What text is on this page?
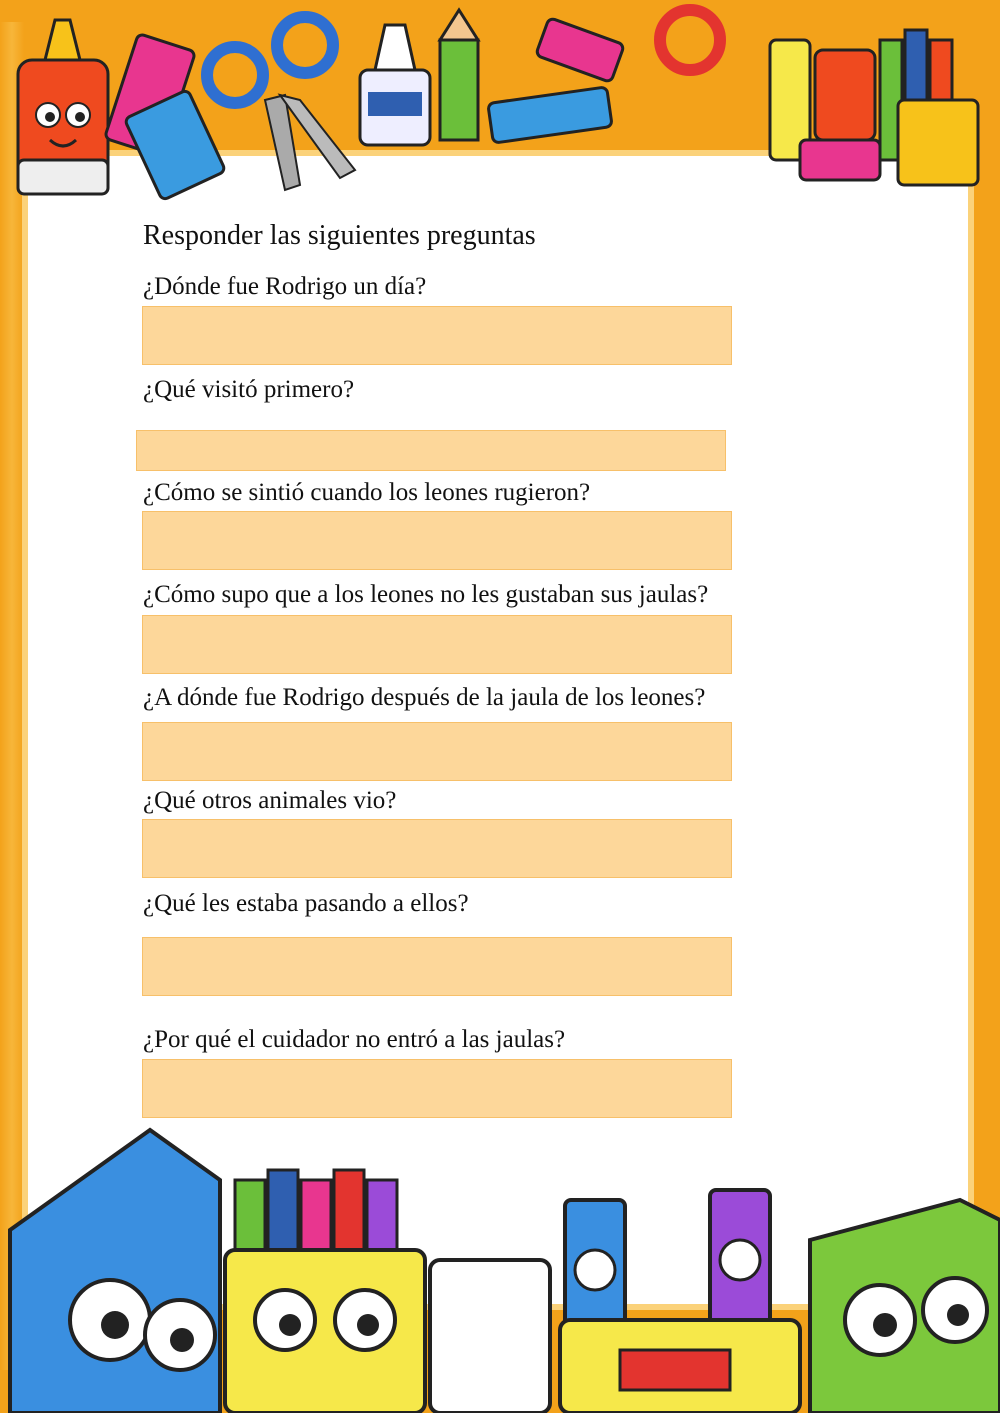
Responder las siguientes preguntas
¿Dónde fue Rodrigo un día?
¿Qué visitó primero?
¿Cómo se sintió cuando los leones rugieron?
¿Cómo supo que a los leones no les gustaban sus jaulas?
¿A dónde fue Rodrigo después de la jaula de los leones?
¿Qué otros animales vio?
¿Qué les estaba pasando a ellos?
¿Por qué el cuidador no entró a las jaulas?
